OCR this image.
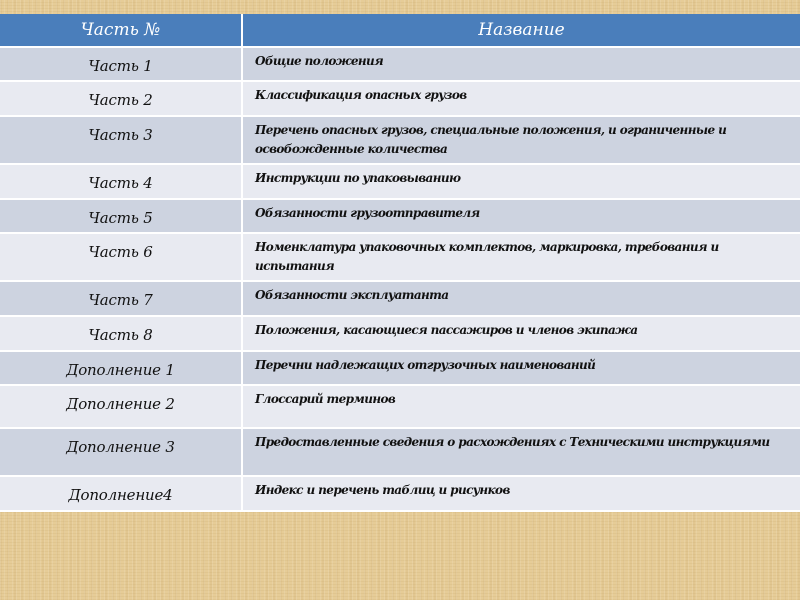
Часть №	Название
Часть 1	Общие положения
Часть 2	Классификация опасных грузов
Часть 3	Перечень опасных грузов, специальные положения, и ограниченные и освобожденные количества
Часть 4	Инструкции по упаковыванию
Часть 5	Обязанности грузоотправителя
Часть 6	Номенклатура упаковочных комплектов, маркировка, требования и испытания
Часть 7	Обязанности эксплуатанта
Часть 8	Положения, касающиеся пассажиров и членов экипажа
Дополнение 1	Перечни надлежащих отгрузочных наименований
Дополнение 2	Глоссарий терминов
Дополнение 3	Предоставленные сведения о расхождениях с Техническими инструкциями
Дополнение4	Индекс и перечень таблиц и рисунков
